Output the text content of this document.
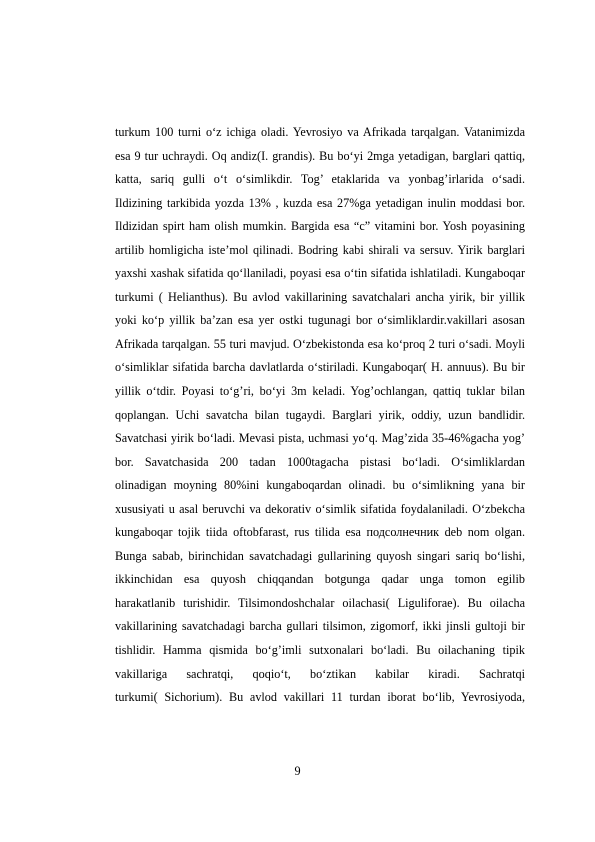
turkum 100 turni o‘z ichiga oladi. Yevrosiyo va Afrikada tarqalgan. Vatanimizda
esa 9 tur uchraydi. Oq andiz(I. grandis). Bu bo‘yi 2mga yetadigan, barglari qattiq,
katta, sariq gulli o‘t o‘simlikdir. Tog’ etaklarida va yonbag’irlarida o‘sadi.
Ildizining tarkibida yozda 13% , kuzda esa 27%ga yetadigan inulin moddasi bor.
Ildizidan spirt ham olish mumkin. Bargida esa “c” vitamini bor. Yosh poyasining
artilib homligicha iste’mol qilinadi. Bodring kabi shirali va sersuv. Yirik barglari
yaxshi xashak sifatida qo‘llaniladi, poyasi esa o‘tin sifatida ishlatiladi. Kungaboqar
turkumi ( Helianthus). Bu avlod vakillarining savatchalari ancha yirik, bir yillik
yoki ko‘p yillik ba’zan esa yer ostki tugunagi bor o‘simliklardir.vakillari asosan
Afrikada tarqalgan. 55 turi mavjud. O‘zbekistonda esa ko‘proq 2 turi o‘sadi. Moyli
o‘simliklar sifatida barcha davlatlarda o‘stiriladi. Kungaboqar( H. annuus). Bu bir
yillik o‘tdir. Poyasi to‘g’ri, bo‘yi 3m keladi. Yog’ochlangan, qattiq tuklar bilan
qoplangan. Uchi savatcha bilan tugaydi. Barglari yirik, oddiy, uzun bandlidir.
Savatchasi yirik bo‘ladi. Mevasi pista, uchmasi yo‘q. Mag’zida 35-46%gacha yog’
bor. Savatchasida 200 tadan 1000tagacha pistasi bo‘ladi. O‘simliklardan
olinadigan moyning 80%ini kungaboqardan olinadi. bu o‘simlikning yana bir
xususiyati u asal beruvchi va dekorativ o‘simlik sifatida foydalaniladi. O‘zbekcha
kungaboqar tojik tiida oftobfarast, rus tilida esa подсолнечник deb nom olgan.
Bunga sabab, birinchidan savatchadagi gullarining quyosh singari sariq bo‘lishi,
ikkinchidan esa quyosh chiqqandan botgunga qadar unga tomon egilib
harakatlanib turishidir. Tilsimondoshchalar oilachasi( Liguliforae). Bu oilacha
vakillarining savatchadagi barcha gullari tilsimon, zigomorf, ikki jinsli gultoji bir
tishlidir. Hamma qismida bo‘g’imli sutxonalari bo‘ladi. Bu oilachaning tipik
vakillariga sachratqi, qoqio‘t, bo‘ztikan kabilar kiradi. Sachratqi
turkumi( Sichorium). Bu avlod vakillari 11 turdan iborat bo‘lib, Yevrosiyoda,
9
